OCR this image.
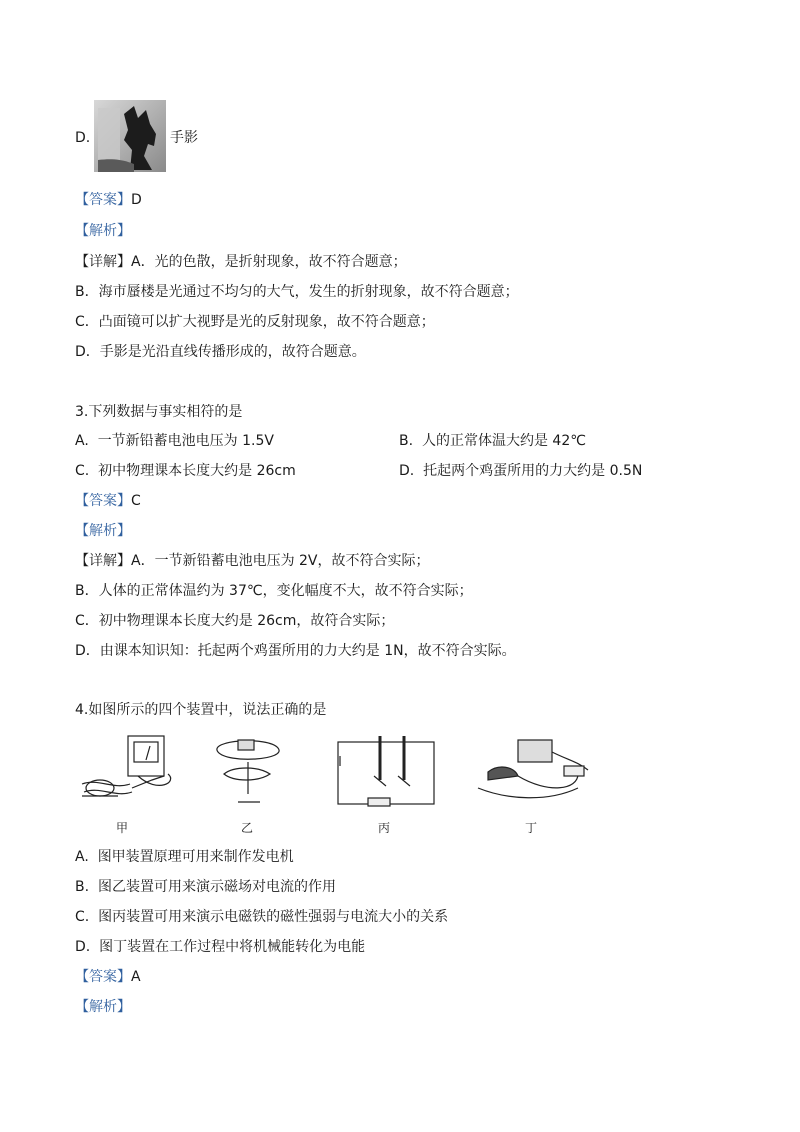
D.	手影
【答案】D
【解析】
【详解】A．光的色散，是折射现象，故不符合题意；
B．海市蜃楼是光通过不均匀的大气，发生的折射现象，故不符合题意；
C．凸面镜可以扩大视野是光的反射现象，故不符合题意；
D．手影是光沿直线传播形成的，故符合题意。
3.下列数据与事实相符的是
A. 一节新铅蓄电池电压为 1.5V	B. 人的正常体温大约是 42℃
C. 初中物理课本长度大约是 26cm	D. 托起两个鸡蛋所用的力大约是 0.5N
【答案】C
【解析】
【详解】A．一节新铅蓄电池电压为 2V，故不符合实际；
B．人体的正常体温约为 37℃，变化幅度不大，故不符合实际；
C．初中物理课本长度大约是 26cm，故符合实际；
D．由课本知识知：托起两个鸡蛋所用的力大约是 1N，故不符合实际。
4.如图所示的四个装置中，说法正确的是
甲	乙	丙	丁
A. 图甲装置原理可用来制作发电机
B. 图乙装置可用来演示磁场对电流的作用
C. 图丙装置可用来演示电磁铁的磁性强弱与电流大小的关系
D. 图丁装置在工作过程中将机械能转化为电能
【答案】A
【解析】
